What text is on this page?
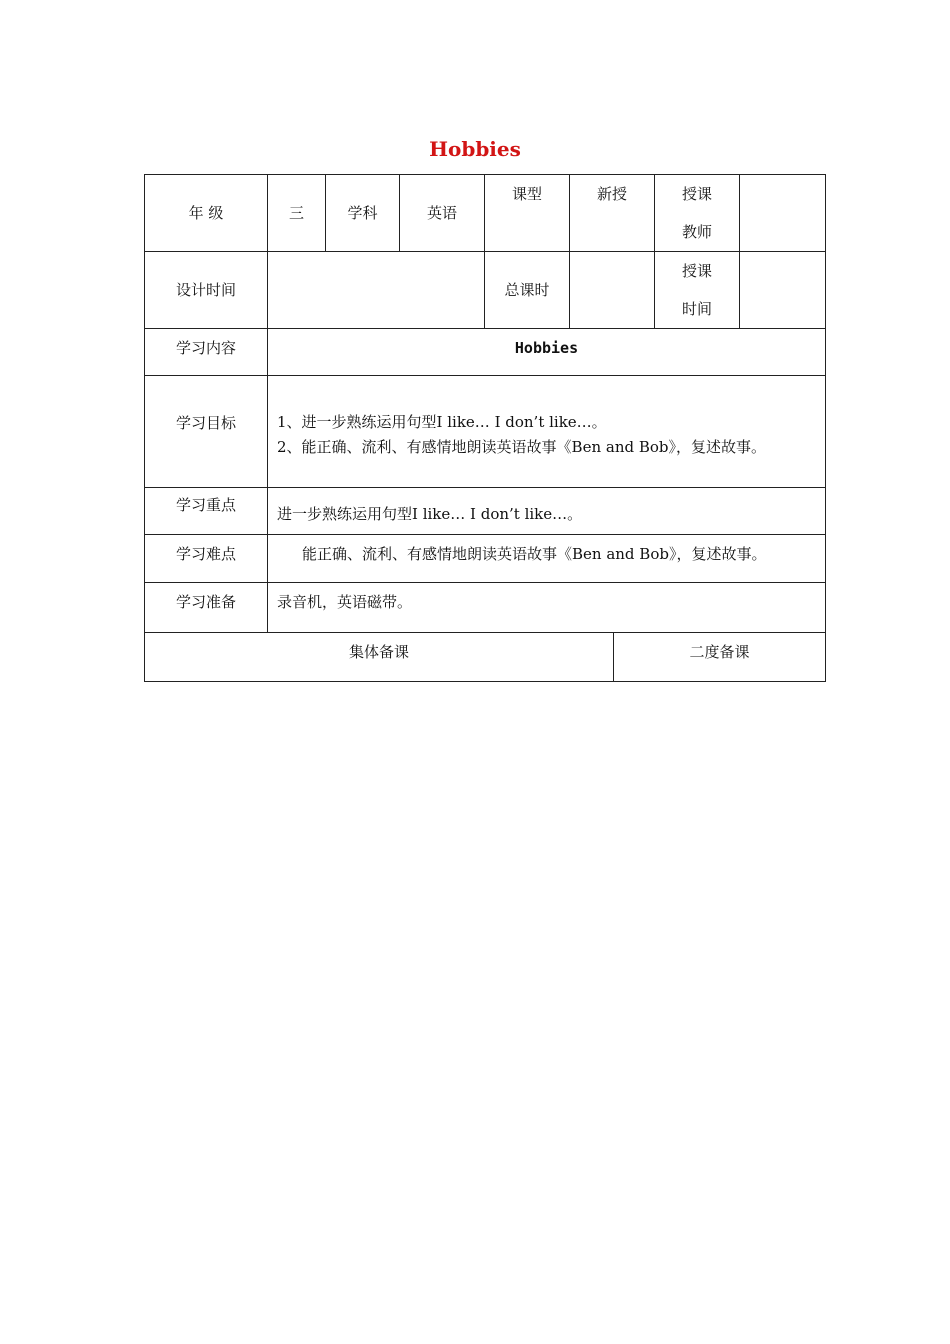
Hobbies
年 级	三	学科	英语	课型	新授		授课
教师	

设计时间				总课时			授课
时间	

学习内容	Hobbies							
学习目标	1、进一步熟练运用句型I like… I don’t like…。
2、能正确、流利、有感情地朗读英语故事《Ben and Bob》，复述故事。							

学习重点	进一步熟练运用句型I like… I don’t like…。							
学习难点	能正确、流利、有感情地朗读英语故事《Ben and Bob》，复述故事。							
学习准备	录音机，英语磁带。							
集体备课						二度备课		
